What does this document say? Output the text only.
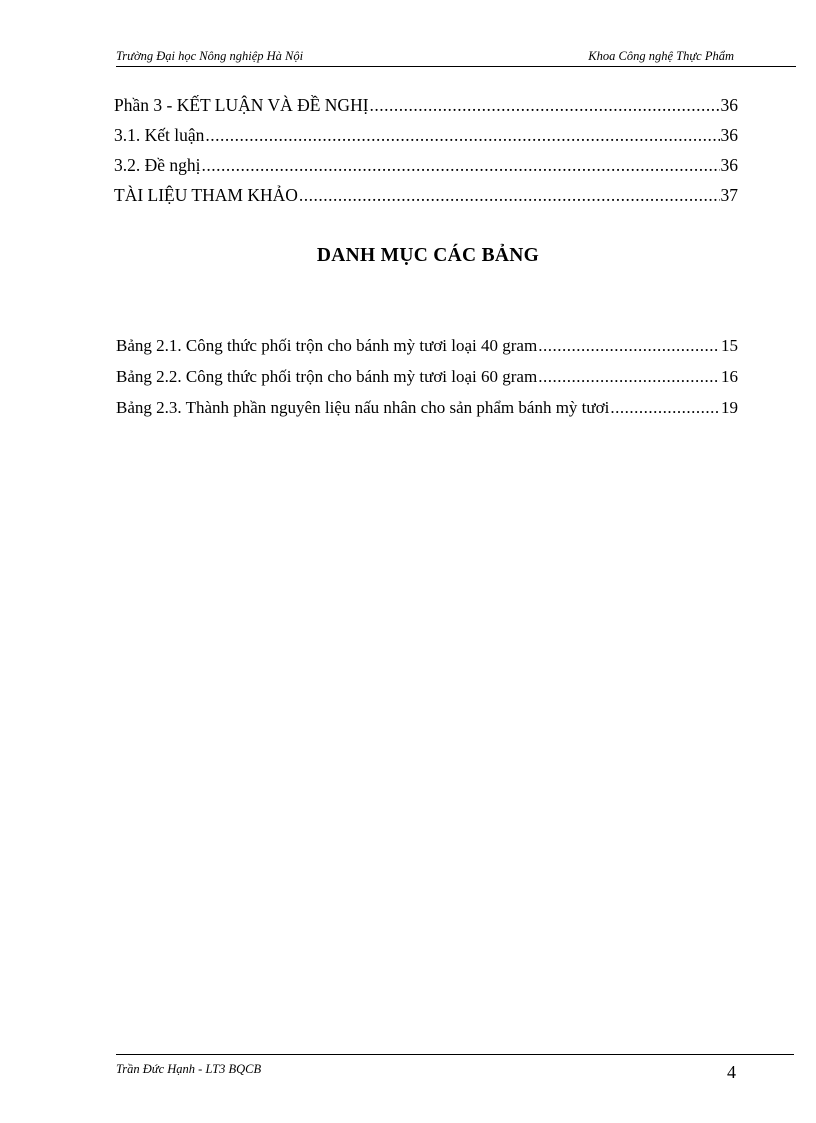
Trường Đại học Nông nghiệp Hà Nội	Khoa Công nghệ Thực Phẩm
Phần 3 - KẾT LUẬN VÀ ĐỀ NGHỊ .....	36
3.1. Kết luận .....	36
3.2. Đề nghị .....	36
TÀI LIỆU THAM KHẢO .....	37
DANH MỤC CÁC BẢNG
Bảng 2.1. Công thức phối trộn cho bánh mỳ tươi loại 40 gram .....	15
Bảng 2.2. Công thức phối trộn cho bánh mỳ tươi loại 60 gram .....	16
Bảng 2.3. Thành phần nguyên liệu nấu nhân cho sản phẩm bánh mỳ tươi .....	19
Trần Đức Hạnh - LT3 BQCB	4
